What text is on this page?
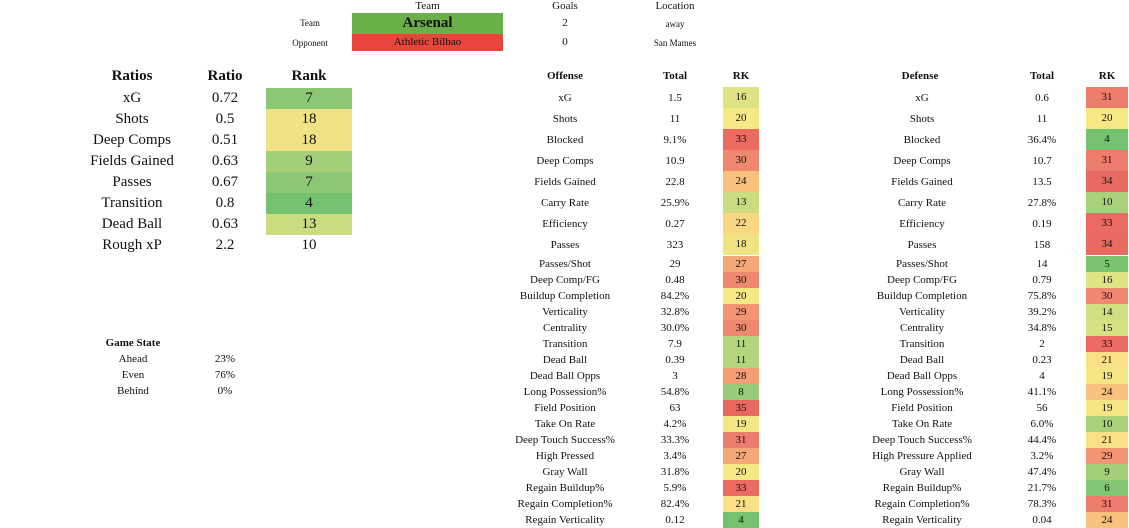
Team	Goals	Location
Team	Arsenal	2	away
Opponent	Athletic Bilbao	0	San Mames
Ratios	Ratio	Rank
xG	0.72	7
Shots	0.5	18
Deep Comps	0.51	18
Fields Gained	0.63	9
Passes	0.67	7
Transition	0.8	4
Dead Ball	0.63	13
Rough xP	2.2	10
Game State
Ahead	23%
Even	76%
Behind	0%
Offense	Total	RK
xG	1.5	16
Shots	11	20
Blocked	9.1%	33
Deep Comps	10.9	30
Fields Gained	22.8	24
Carry Rate	25.9%	13
Efficiency	0.27	22
Passes	323	18
Passes/Shot	29	27
Deep Comp/FG	0.48	30
Buildup Completion	84.2%	20
Verticality	32.8%	29
Centrality	30.0%	30
Transition	7.9	11
Dead Ball	0.39	11
Dead Ball Opps	3	28
Long Possession%	54.8%	8
Field Position	63	35
Take On Rate	4.2%	19
Deep Touch Success%	33.3%	31
High Pressed	3.4%	27
Gray Wall	31.8%	20
Regain Buildup%	5.9%	33
Regain Completion%	82.4%	21
Regain Verticality	0.12	4
Defense	Total	RK
xG	0.6	31
Shots	11	20
Blocked	36.4%	4
Deep Comps	10.7	31
Fields Gained	13.5	34
Carry Rate	27.8%	10
Efficiency	0.19	33
Passes	158	34
Passes/Shot	14	5
Deep Comp/FG	0.79	16
Buildup Completion	75.8%	30
Verticality	39.2%	14
Centrality	34.8%	15
Transition	2	33
Dead Ball	0.23	21
Dead Ball Opps	4	19
Long Possession%	41.1%	24
Field Position	56	19
Take On Rate	6.0%	10
Deep Touch Success%	44.4%	21
High Pressure Applied	3.2%	29
Gray Wall	47.4%	9
Regain Buildup%	21.7%	6
Regain Completion%	78.3%	31
Regain Verticality	0.04	24
